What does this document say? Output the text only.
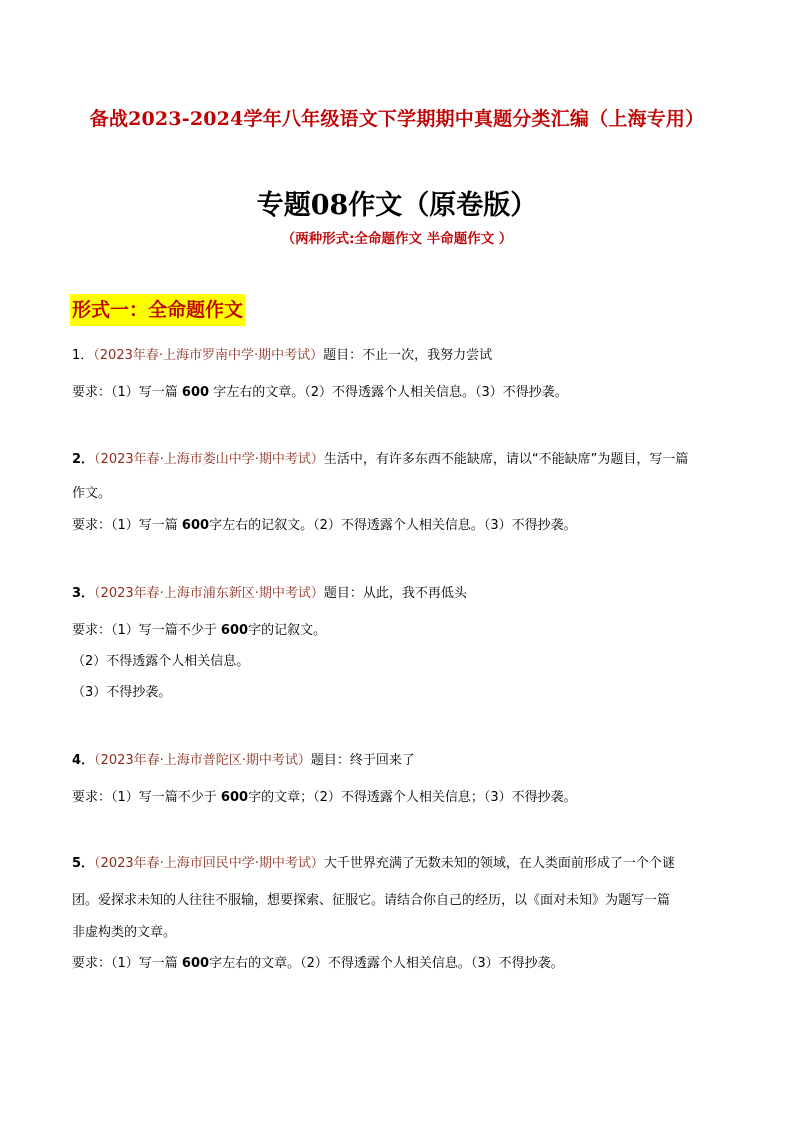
备战2023-2024学年八年级语文下学期期中真题分类汇编（上海专用）
专题08作文（原卷版）
（两种形式:全命题作文 半命题作文 ）
形式一：全命题作文
1．（2023年春·上海市罗南中学·期中考试）题目：不止一次，我努力尝试
要求：（1）写一篇 600 字左右的文章。（2）不得透露个人相关信息。（3）不得抄袭。
2．（2023年春·上海市娄山中学·期中考试）生活中，有许多东西不能缺席，请以“不能缺席”为题目，写一篇
作文。
要求：（1）写一篇 600字左右的记叙文。（2）不得透露个人相关信息。（3）不得抄袭。
3．（2023年春·上海市浦东新区·期中考试）题目：从此，我不再低头
要求：（1）写一篇不少于 600字的记叙文。
（2）不得透露个人相关信息。
（3）不得抄袭。
4．（2023年春·上海市普陀区·期中考试）题目：终于回来了
要求：（1）写一篇不少于 600字的文章；（2）不得透露个人相关信息；（3）不得抄袭。
5．（2023年春·上海市回民中学·期中考试）大千世界充满了无数未知的领域，在人类面前形成了一个个谜
团。爱探求未知的人往往不服输，想要探索、征服它。请结合你自己的经历，以《面对未知》为题写一篇
非虚构类的文章。
要求：（1）写一篇 600字左右的文章。（2）不得透露个人相关信息。（3）不得抄袭。
